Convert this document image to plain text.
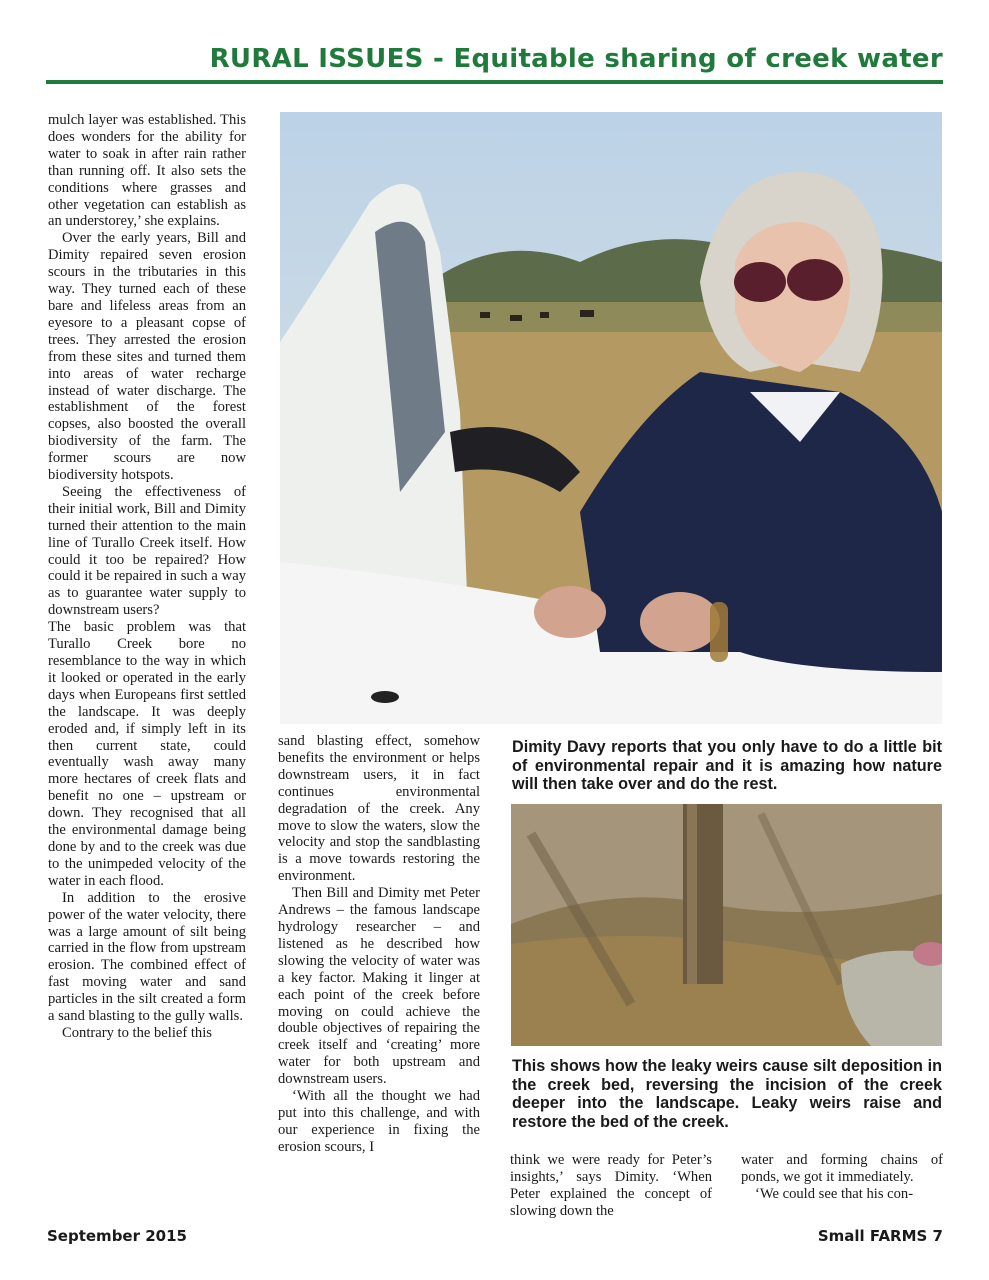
RURAL ISSUES - Equitable sharing of creek water

mulch layer was established. This does wonders for the ability for water to soak in after rain rather than running off. It also sets the conditions where grasses and other vegetation can establish as an understorey,’ she explains.

Over the early years, Bill and Dimity repaired seven erosion scours in the tributaries in this way. They turned each of these bare and lifeless areas from an eyesore to a pleasant copse of trees. They arrested the erosion from these sites and turned them into areas of water recharge instead of water discharge. The establishment of the forest copses, also boosted the overall biodiversity of the farm. The former scours are now biodiversity hotspots.

Seeing the effectiveness of their initial work, Bill and Dimity turned their attention to the main line of Turallo Creek itself. How could it too be repaired? How could it be repaired in such a way as to guarantee water supply to downstream users?

The basic problem was that Turallo Creek bore no resemblance to the way in which it looked or operated in the early days when Europeans first settled the landscape. It was deeply eroded and, if simply left in its then current state, could eventually wash away many more hectares of creek flats and benefit no one – upstream or down. They recognised that all the environmental damage being done by and to the creek was due to the unimpeded velocity of the water in each flood.

In addition to the erosive power of the water velocity, there was a large amount of silt being carried in the flow from upstream erosion. The combined effect of fast moving water and sand particles in the silt created a form a sand blasting to the gully walls.

Contrary to the belief this

Dimity Davy reports that you only have to do a little bit of environmental repair and it is amazing how nature will then take over and do the rest.

sand blasting effect, somehow benefits the environment or helps downstream users, it in fact continues environmental degradation of the creek. Any move to slow the waters, slow the velocity and stop the sandblasting is a move towards restoring the environment.

Then Bill and Dimity met Peter Andrews – the famous landscape hydrology researcher – and listened as he described how slowing the velocity of water was a key factor. Making it linger at each point of the creek before moving on could achieve the double objectives of repairing the creek itself and ‘creating’ more water for both upstream and downstream users.

‘With all the thought we had put into this challenge, and with our experience in fixing the erosion scours, I

This shows how the leaky weirs cause silt deposition in the creek bed, reversing the incision of the creek deeper into the landscape. Leaky weirs raise and restore the bed of the creek.

think we were ready for Peter’s insights,’ says Dimity. ‘When Peter explained the concept of slowing down the

water and forming chains of ponds, we got it immediately.

‘We could see that his con-

September 2015	Small FARMS 7
